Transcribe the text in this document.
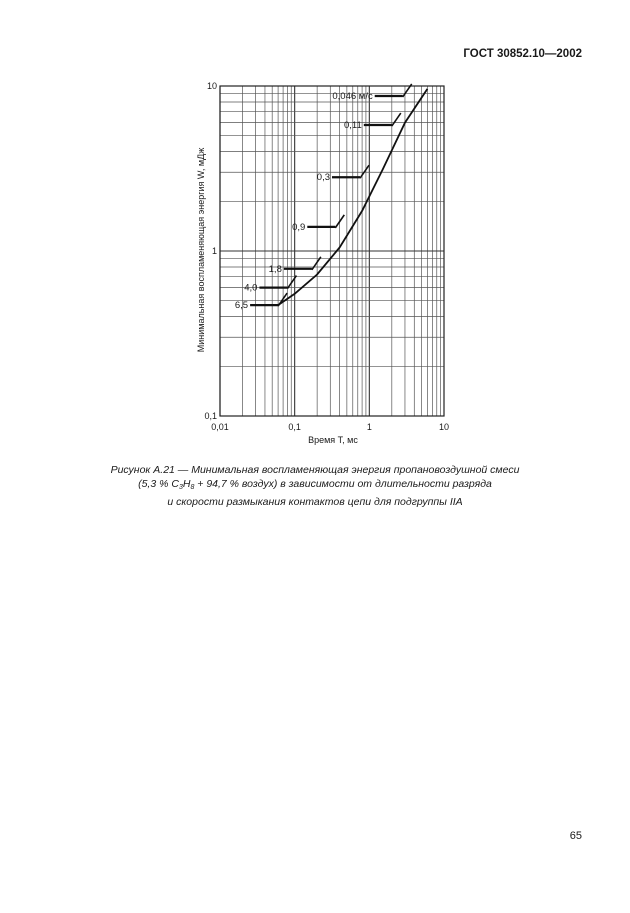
ГОСТ 30852.10—2002
0,046 м/с
0,11
0,3
0,9
1,8
4,0
6,5
0,01	0,1	1	10
0,1
1
10
Время T, мс
Минимальная воспламеняющая энергия W, мДж
Рисунок А.21 — Минимальная воспламеняющая энергия пропановоздушной смеси
(5,3 % $C_3H_8 + 94,7$ % воздух) в зависимости от длительности разряда
и скорости размыкания контактов цепи для подгруппы IIA
65
